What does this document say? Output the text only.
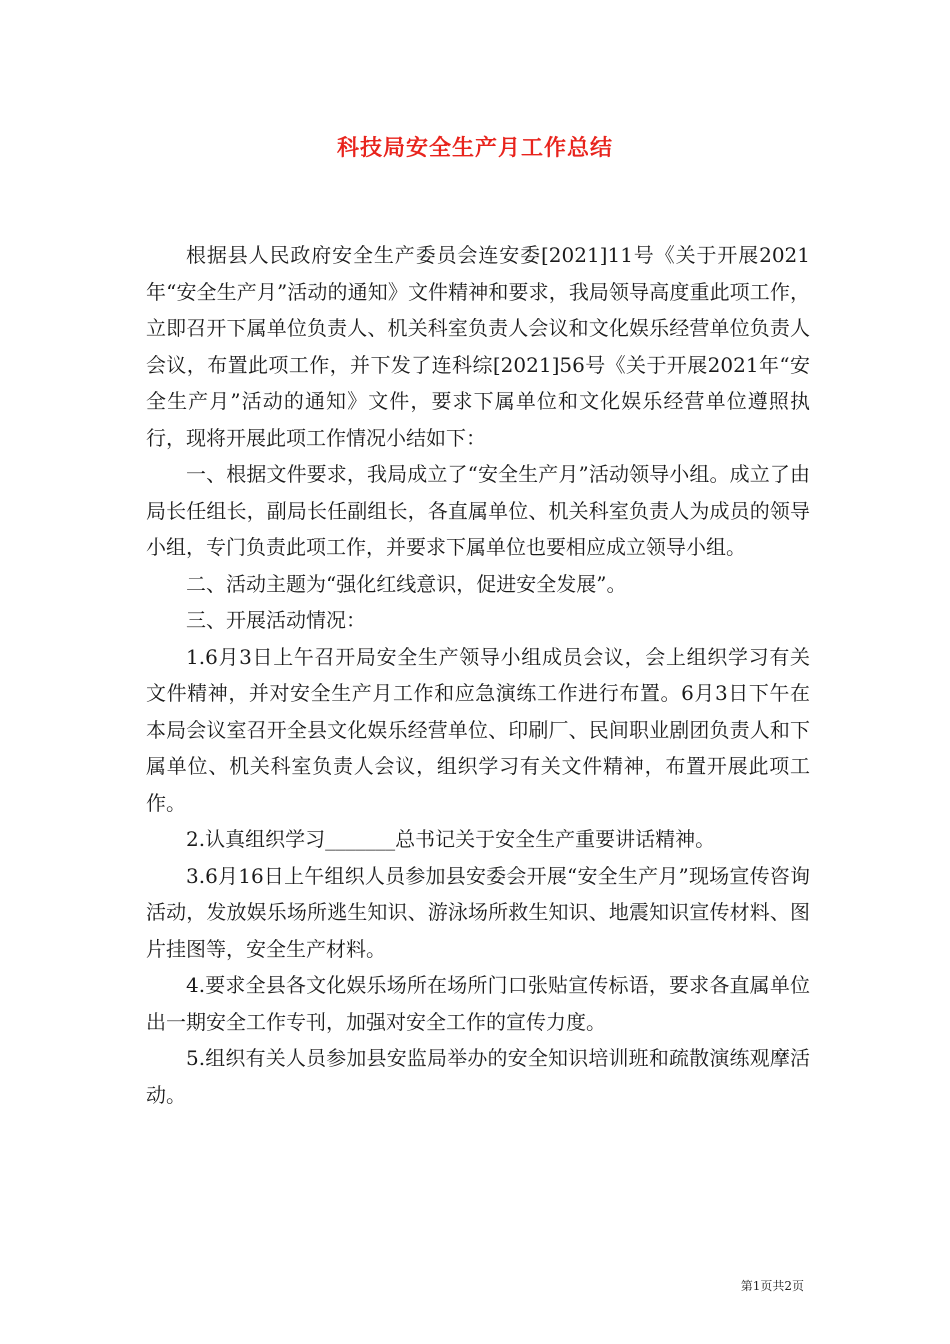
科技局安全生产月工作总结

根据县人民政府安全生产委员会连安委[2021]11号《关于开展2021年“安全生产月”活动的通知》文件精神和要求，我局领导高度重此项工作，立即召开下属单位负责人、机关科室负责人会议和文化娱乐经营单位负责人会议，布置此项工作，并下发了连科综[2021]56号《关于开展2021年“安全生产月”活动的通知》文件，要求下属单位和文化娱乐经营单位遵照执行，现将开展此项工作情况小结如下：

一、根据文件要求，我局成立了“安全生产月”活动领导小组。成立了由局长任组长，副局长任副组长，各直属单位、机关科室负责人为成员的领导小组，专门负责此项工作，并要求下属单位也要相应成立领导小组。

二、活动主题为“强化红线意识，促进安全发展”。

三、开展活动情况：

1.6月3日上午召开局安全生产领导小组成员会议，会上组织学习有关文件精神，并对安全生产月工作和应急演练工作进行布置。6月3日下午在本局会议室召开全县文化娱乐经营单位、印刷厂、民间职业剧团负责人和下属单位、机关科室负责人会议，组织学习有关文件精神，布置开展此项工作。

2.认真组织学习_______总书记关于安全生产重要讲话精神。

3.6月16日上午组织人员参加县安委会开展“安全生产月”现场宣传咨询活动，发放娱乐场所逃生知识、游泳场所救生知识、地震知识宣传材料、图片挂图等，安全生产材料。

4.要求全县各文化娱乐场所在场所门口张贴宣传标语，要求各直属单位出一期安全工作专刊，加强对安全工作的宣传力度。

5.组织有关人员参加县安监局举办的安全知识培训班和疏散演练观摩活动。

第1页共2页
